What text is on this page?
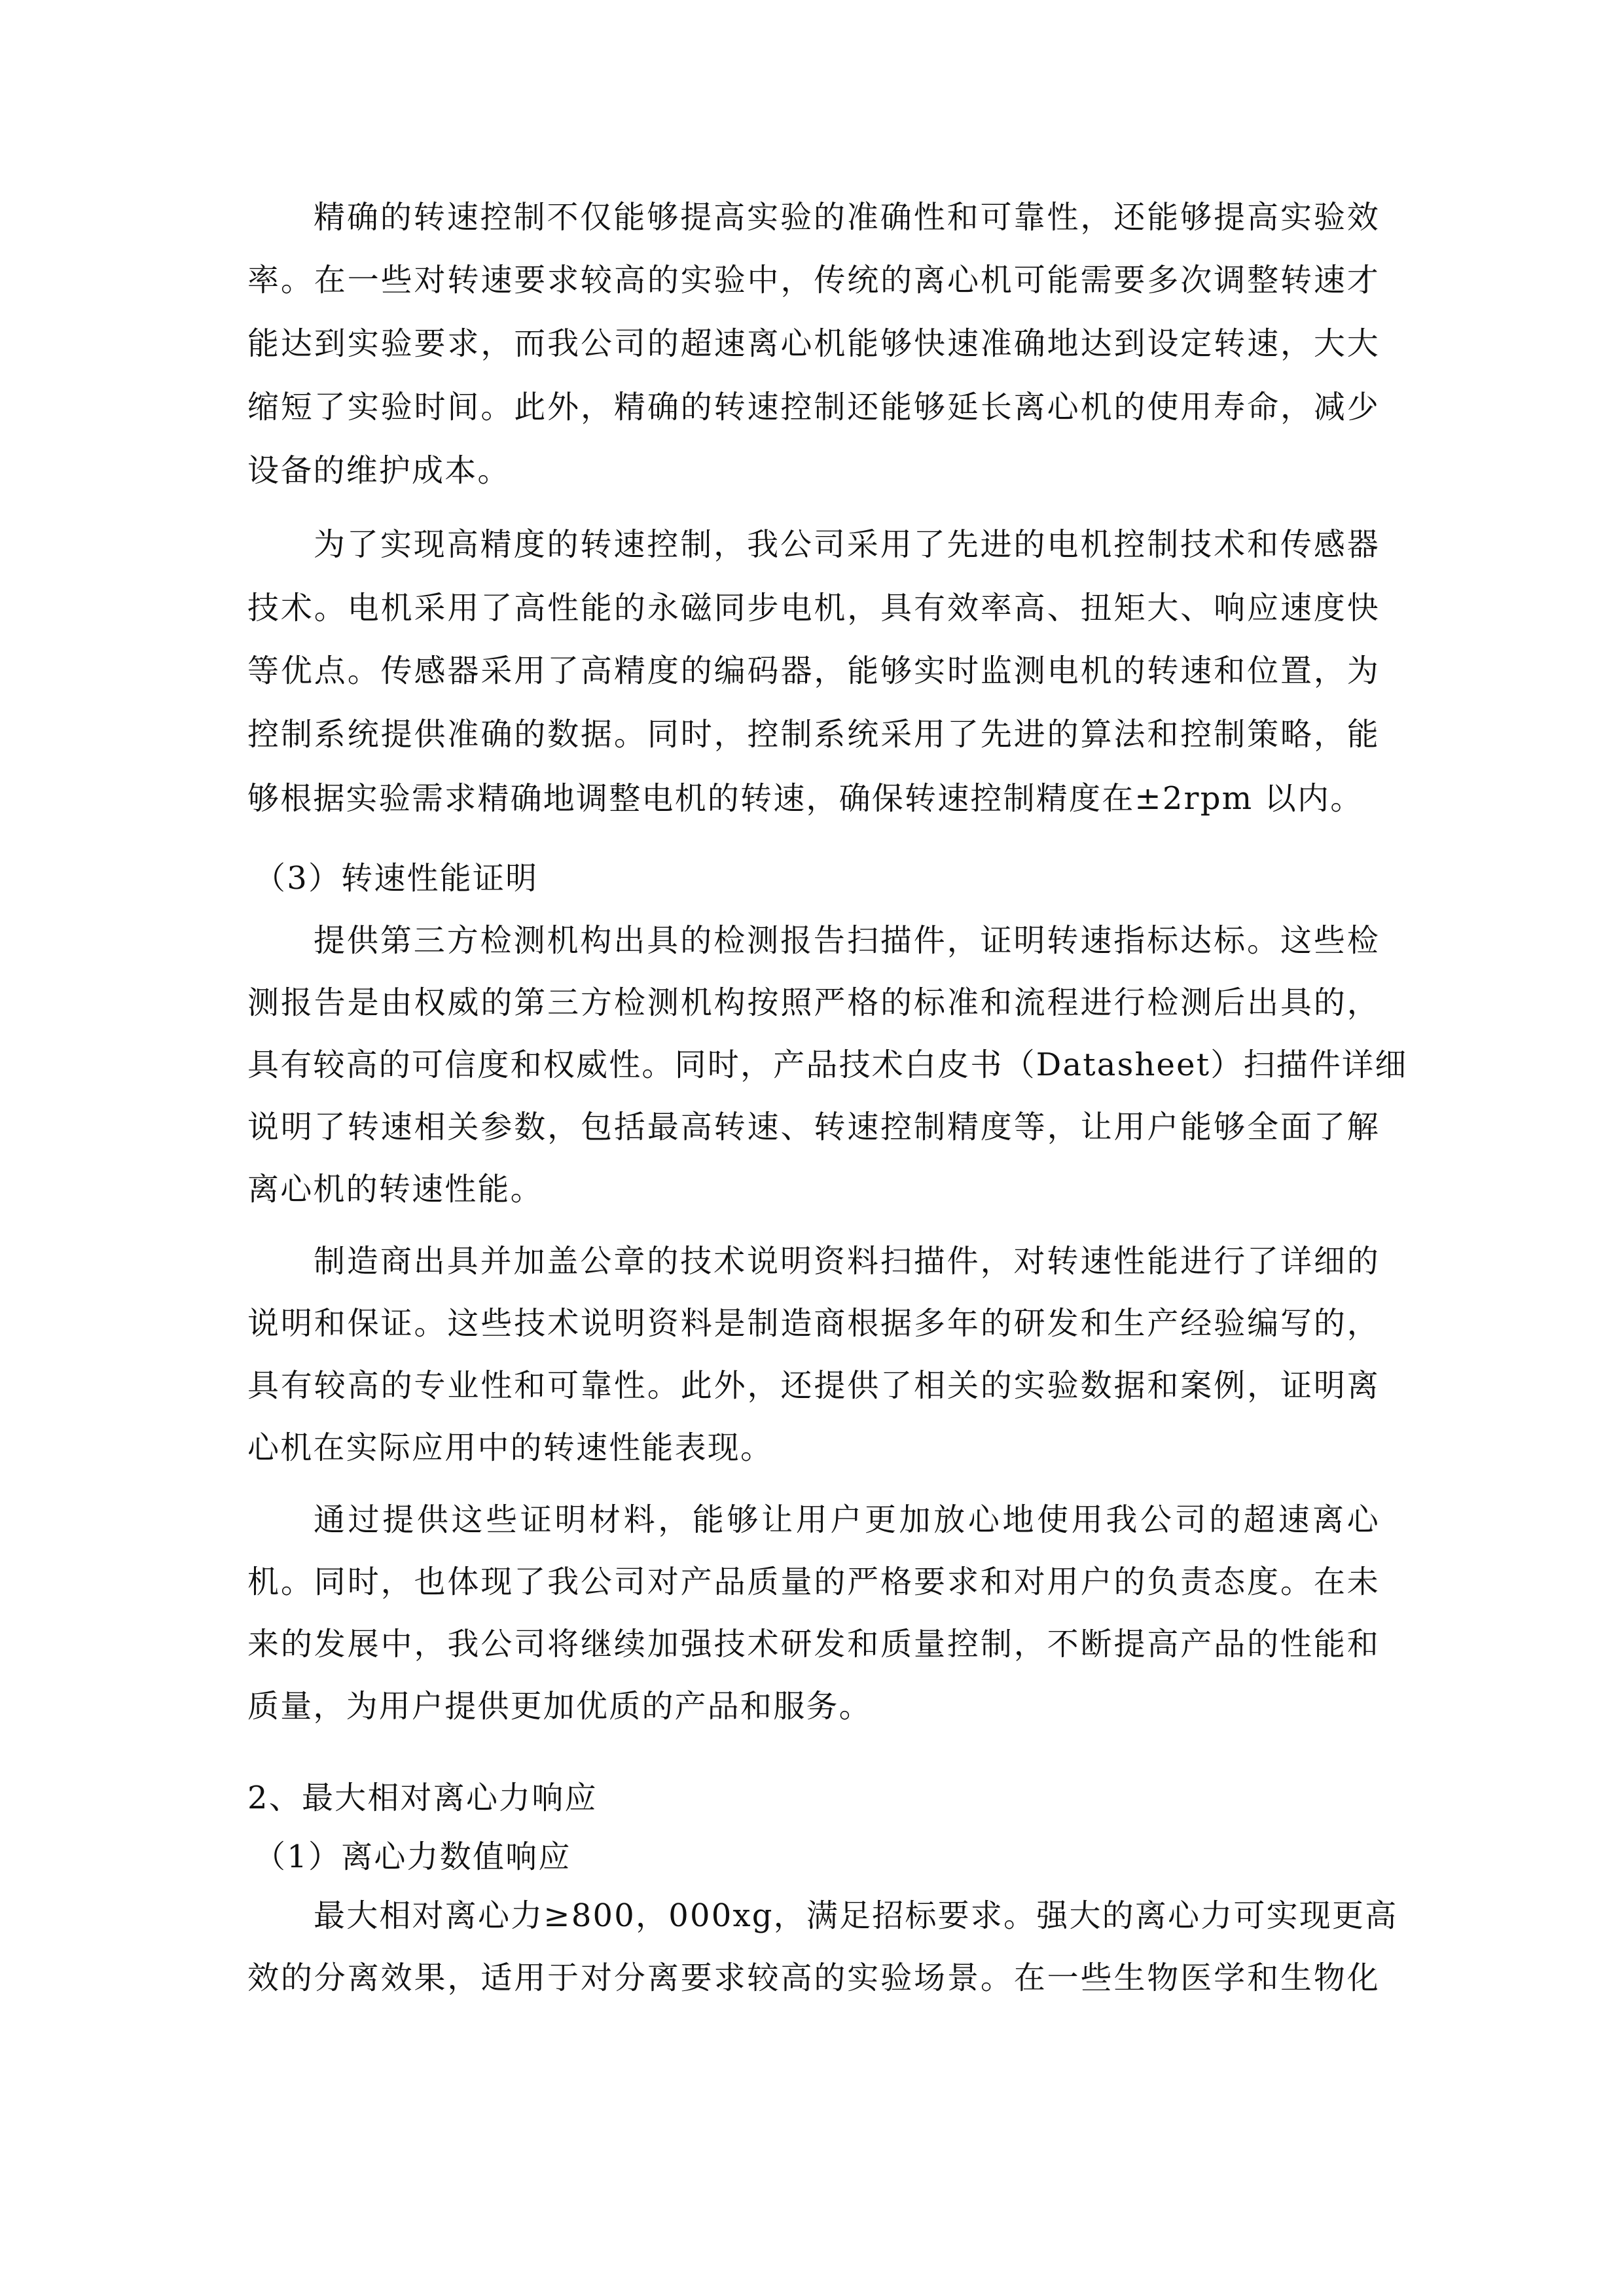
精确的转速控制不仅能够提高实验的准确性和可靠性，还能够提高实验效
率。在一些对转速要求较高的实验中，传统的离心机可能需要多次调整转速才
能达到实验要求，而我公司的超速离心机能够快速准确地达到设定转速，大大
缩短了实验时间。此外，精确的转速控制还能够延长离心机的使用寿命，减少
设备的维护成本。
为了实现高精度的转速控制，我公司采用了先进的电机控制技术和传感器
技术。电机采用了高性能的永磁同步电机，具有效率高、扭矩大、响应速度快
等优点。传感器采用了高精度的编码器，能够实时监测电机的转速和位置，为
控制系统提供准确的数据。同时，控制系统采用了先进的算法和控制策略，能
够根据实验需求精确地调整电机的转速，确保转速控制精度在±2rpm 以内。
（3）转速性能证明
提供第三方检测机构出具的检测报告扫描件，证明转速指标达标。这些检
测报告是由权威的第三方检测机构按照严格的标准和流程进行检测后出具的，
具有较高的可信度和权威性。同时，产品技术白皮书（Datasheet）扫描件详细
说明了转速相关参数，包括最高转速、转速控制精度等，让用户能够全面了解
离心机的转速性能。
制造商出具并加盖公章的技术说明资料扫描件，对转速性能进行了详细的
说明和保证。这些技术说明资料是制造商根据多年的研发和生产经验编写的，
具有较高的专业性和可靠性。此外，还提供了相关的实验数据和案例，证明离
心机在实际应用中的转速性能表现。
通过提供这些证明材料，能够让用户更加放心地使用我公司的超速离心
机。同时，也体现了我公司对产品质量的严格要求和对用户的负责态度。在未
来的发展中，我公司将继续加强技术研发和质量控制，不断提高产品的性能和
质量，为用户提供更加优质的产品和服务。
2、最大相对离心力响应
（1）离心力数值响应
最大相对离心力≥800，000xg，满足招标要求。强大的离心力可实现更高
效的分离效果，适用于对分离要求较高的实验场景。在一些生物医学和生物化
